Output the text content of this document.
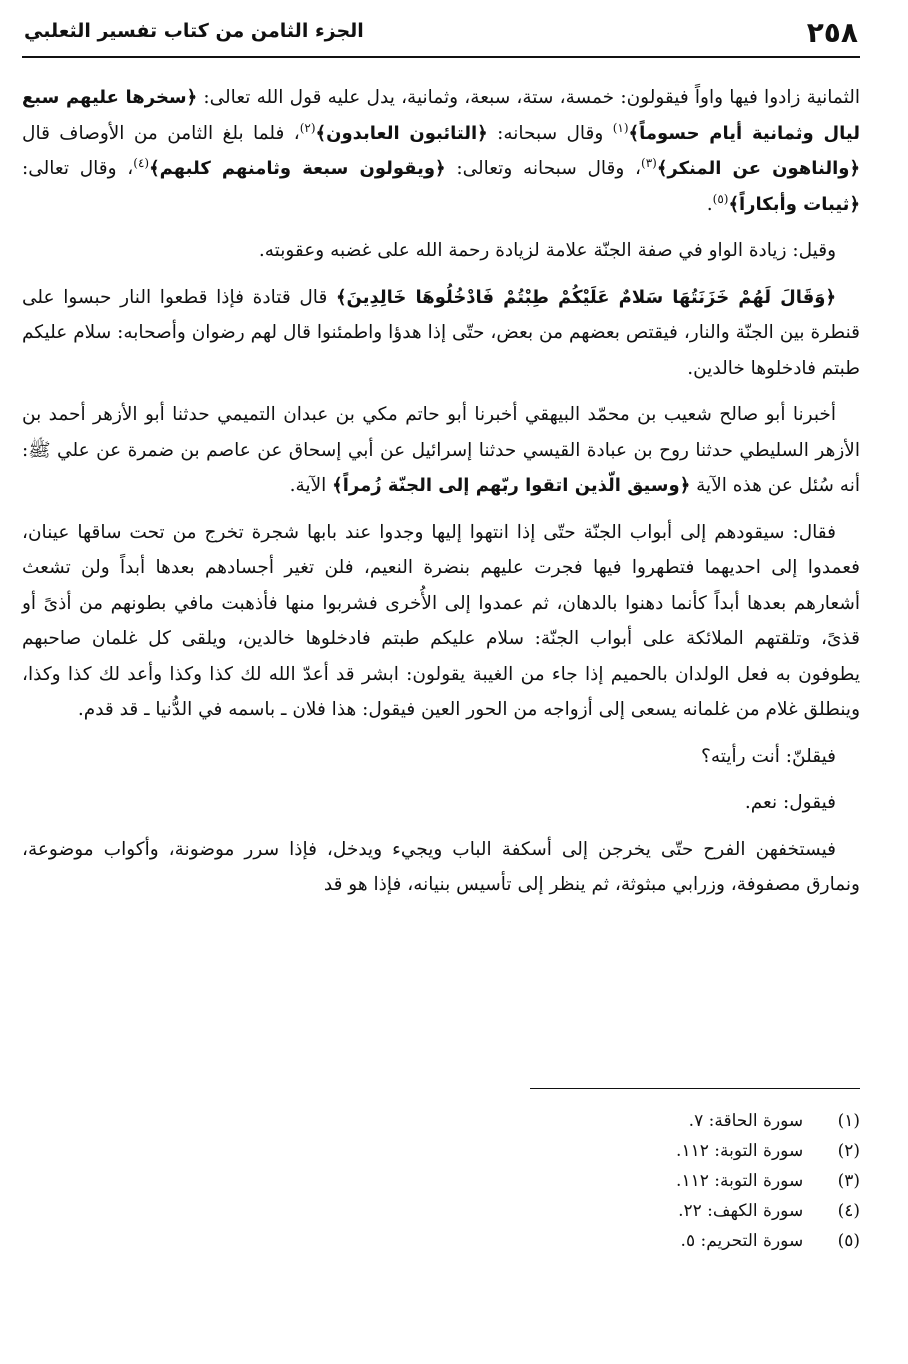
٢٥٨
الجزء الثامن من كتاب تفسير الثعلبي

الثمانية زادوا فيها واواً فيقولون: خمسة، ستة، سبعة، وثمانية، يدل عليه قول الله تعالى: ﴿سخرها عليهم سبع ليال وثمانية أيام حسوماً﴾$^{(١)}$ وقال سبحانه: ﴿التائبون العابدون﴾$^{(٢)}$، فلما بلغ الثامن من الأوصاف قال ﴿والناهون عن المنكر﴾$^{(٣)}$، وقال سبحانه وتعالى: ﴿ويقولون سبعة وثامنهم كلبهم﴾$^{(٤)}$، وقال تعالى: ﴿ثيبات وأبكاراً﴾$^{(٥)}$.

وقيل: زيادة الواو في صفة الجنّة علامة لزيادة رحمة الله على غضبه وعقوبته.

﴿وَقَالَ لَهُمْ خَزَنَتُهَا سَلامٌ عَلَيْكُمْ طِبْتُمْ فَادْخُلُوهَا خَالِدِينَ﴾ قال قتادة فإذا قطعوا النار حبسوا على قنطرة بين الجنّة والنار، فيقتص بعضهم من بعض، حتّى إذا هدؤا واطمئنوا قال لهم رضوان وأصحابه: سلام عليكم طبتم فادخلوها خالدين.

أخبرنا أبو صالح شعيب بن محمّد البيهقي أخبرنا أبو حاتم مكي بن عبدان التميمي حدثنا أبو الأزهر أحمد بن الأزهر السليطي حدثنا روح بن عبادة القيسي حدثنا إسرائيل عن أبي إسحاق عن عاصم بن ضمرة عن علي ﷺ: أنه سُئل عن هذه الآية ﴿وسيق الّذين اتقوا ربّهم إلى الجنّة زُمراً﴾ الآية.

فقال: سيقودهم إلى أبواب الجنّة حتّى إذا انتهوا إليها وجدوا عند بابها شجرة تخرج من تحت ساقها عينان، فعمدوا إلى احديهما فتطهروا فيها فجرت عليهم بنضرة النعيم، فلن تغير أجسادهم بعدها أبداً ولن تشعث أشعارهم بعدها أبداً كأنما دهنوا بالدهان، ثم عمدوا إلى الأُخرى فشربوا منها فأذهبت مافي بطونهم من أذىً أو قذىً، وتلقتهم الملائكة على أبواب الجنّة: سلام عليكم طبتم فادخلوها خالدين، ويلقى كل غلمان صاحبهم يطوفون به فعل الولدان بالحميم إذا جاء من الغيبة يقولون: ابشر قد أعدّ الله لك كذا وكذا وأعد لك كذا وكذا، وينطلق غلام من غلمانه يسعى إلى أزواجه من الحور العين فيقول: هذا فلان ـ باسمه في الدُّنيا ـ قد قدم.

فيقلنّ: أنت رأيته؟

فيقول: نعم.

فيستخفهن الفرح حتّى يخرجن إلى أسكفة الباب ويجيء ويدخل، فإذا سرر موضونة، وأكواب موضوعة، ونمارق مصفوفة، وزرابي مبثوثة، ثم ينظر إلى تأسيس بنيانه، فإذا هو قد

(١)  سورة الحاقة: ٧.
(٢)  سورة التوبة: ١١٢.
(٣)  سورة التوبة: ١١٢.
(٤)  سورة الكهف: ٢٢.
(٥)  سورة التحريم: ٥.
